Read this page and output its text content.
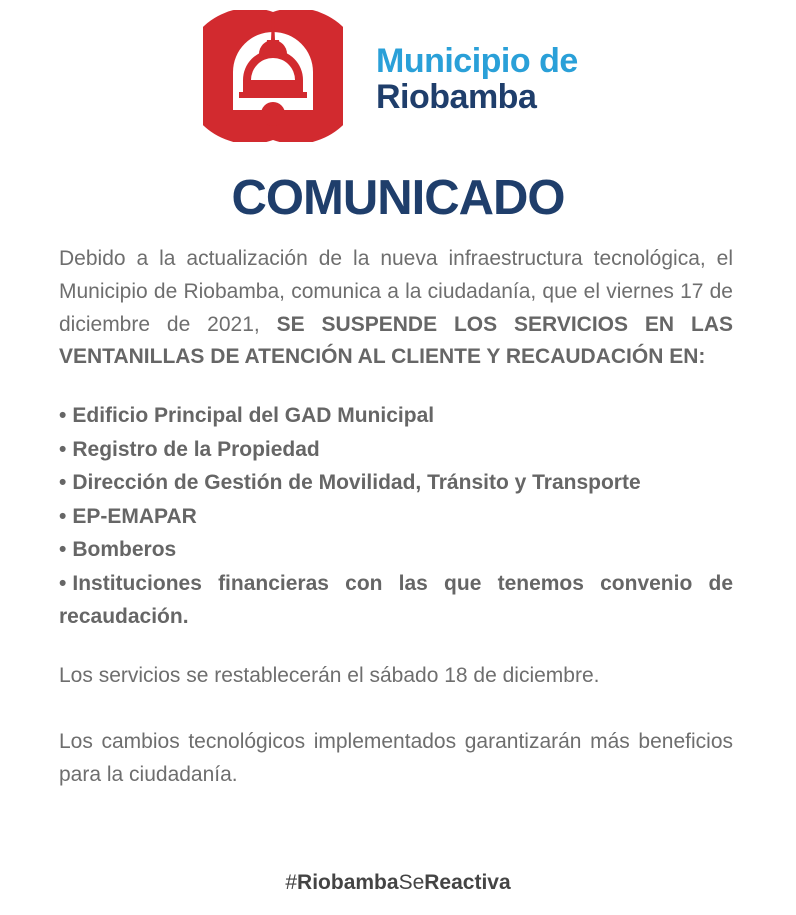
Municipio de
Riobamba
COMUNICADO

Debido a la actualización de la nueva infraestructura tecnológica, el Municipio de Riobamba, comunica a la ciudadanía, que el viernes 17 de diciembre de 2021, SE SUSPENDE LOS SERVICIOS EN LAS VENTANILLAS DE ATENCIÓN AL CLIENTE Y RECAUDACIÓN EN:

• Edificio Principal del GAD Municipal
• Registro de la Propiedad
• Dirección de Gestión de Movilidad, Tránsito y Transporte
• EP-EMAPAR
• Bomberos
• Instituciones financieras con las que tenemos convenio de recaudación.

Los servicios se restablecerán el sábado 18 de diciembre.

Los cambios tecnológicos implementados garantizarán más beneficios para la ciudadanía.

#RiobambaSeReactiva
